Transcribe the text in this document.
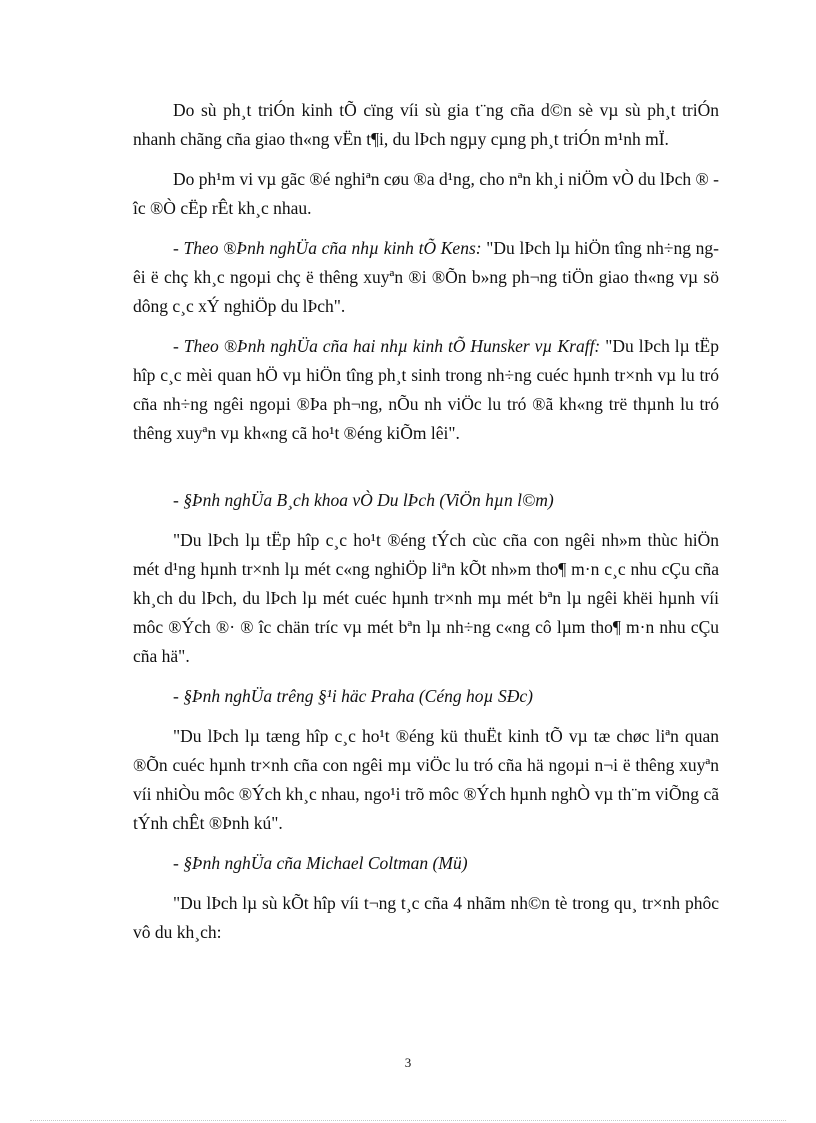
Do sù ph¸t triÓn kinh tÕ cïng víi sù gia t¨ng cña d©n sè vµ sù ph¸t triÓn nhanh chãng cña giao th«ng vËn t¶i, du lÞch ngµy cµng ph¸t triÓn m¹nh mÏ.

Do ph¹m vi vµ gãc ®é nghiªn cøu ®a d¹ng, cho nªn kh¸i niÖm vÒ du lÞch ® îc ®Ò cËp rÊt kh¸c nhau.

- Theo ®Þnh nghÜa cña nhµ kinh tÕ Kens: "Du lÞch lµ hiÖn tîng nh÷ng ngêi ë chç kh¸c ngoµi chç ë thêng xuyªn ®i ®Õn b»ng ph¬ng tiÖn giao th«ng vµ sö dông c¸c xÝ nghiÖp du lÞch".

- Theo ®Þnh nghÜa cña hai nhµ kinh tÕ Hunsker vµ Kraff: "Du lÞch lµ tËp hîp c¸c mèi quan hÖ vµ hiÖn tîng ph¸t sinh trong nh÷ng cuéc hµnh tr×nh vµ lu tró cña nh÷ng ngêi ngoµi ®Þa ph¬ng, nÕu nh viÖc lu tró ®ã kh«ng trë thµnh lu tró thêng xuyªn vµ kh«ng cã ho¹t ®éng kiÕm lêi".

- §Þnh nghÜa B¸ch khoa vÒ Du lÞch (ViÖn hµn l©m)

"Du lÞch lµ tËp hîp c¸c ho¹t ®éng tÝch cùc cña con ngêi nh»m thùc hiÖn mét d¹ng hµnh tr×nh lµ mét c«ng nghiÖp liªn kÕt nh»m tho¶ m·n c¸c nhu cÇu cña kh¸ch du lÞch, du lÞch lµ mét cuéc hµnh tr×nh mµ mét bªn lµ ngêi khëi hµnh víi môc ®Ých ®· ® îc chän tríc vµ mét bªn lµ nh÷ng c«ng cô lµm tho¶ m·n nhu cÇu cña hä".

- §Þnh nghÜa trêng §¹i häc Praha (Céng hoµ SÐc)

"Du lÞch lµ tæng hîp c¸c ho¹t ®éng kü thuËt kinh tÕ vµ tæ chøc liªn quan ®Õn cuéc hµnh tr×nh cña con ngêi mµ viÖc lu tró cña hä ngoµi n¬i ë thêng xuyªn víi nhiÒu môc ®Ých kh¸c nhau, ngo¹i trõ môc ®Ých hµnh nghÒ vµ th¨m viÕng cã tÝnh chÊt ®Þnh kú".

- §Þnh nghÜa cña Michael Coltman (Mü)

"Du lÞch lµ sù kÕt hîp víi t¬ng t¸c cña 4 nhãm nh©n tè trong qu¸ tr×nh phôc vô du kh¸ch:

3
